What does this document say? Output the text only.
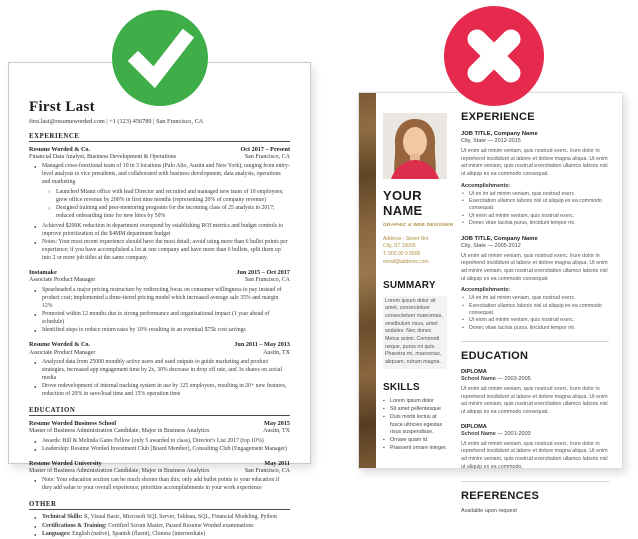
First Last
first.last@resumeworded.com | +1 (123) 456789 | San Francisco, CA
EXPERIENCE
Resume Worded & Co.	Oct 2017 – Present
Financial Data Analyst, Business Development & Operations	San Francisco, CA
● Managed cross-functional team of 10 in 3 locations (Palo Alto, Austin and New York), ranging from entry-level analysts to vice presidents, and collaborated with business development, data analysis, operations and marketing
○ Launched Miami office with lead Director and recruited and managed new team of 10 employees; grew office revenue by 200% in first nine months (representing 20% of company revenue)
○ Designed training and peer-mentoring programs for the incoming class of 25 analysts in 2017; reduced onboarding time for new hires by 50%
● Achieved $200K reduction in department overspend by establishing ROI metrics and budget controls to improve prioritization of the $4MM department budget
● Notes: Your most recent experience should have the most detail; avoid using more than 6 bullet points per experience; if you have accomplished a lot at one company and have more than 6 bullets, split them up into 2 or more job titles at the same company.
Instamake	Jun 2015 – Oct 2017
Associate Product Manager	San Francisco, CA
● Spearheaded a major pricing restructure by redirecting focus on consumer willingness to pay instead of product cost; implemented a three-tiered pricing model which increased average sale 35% and margin 12%
● Promoted within 12 months due to strong performance and organizational impact (1 year ahead of schedule)
● Identified steps to reduce return rates by 10% resulting in an eventual $75k cost savings
Resume Worded & Co.	Jun 2011 – May 2013
Associate Product Manager	Austin, TX
● Analyzed data from 25000 monthly active users and used outputs to guide marketing and product strategies, increased app engagement time by 2x, 30% decrease in drop off rate, and 3x shares on social media
● Drove redevelopment of internal tracking system in use by 125 employees, resulting in 20+ new features, reduction of 20% in save/load time and 15% operation time
EDUCATION
Resume Worded Business School	May 2015
Master of Business Administration Candidate; Major in Business Analytics	Austin, TX
● Awards: Bill & Melinda Gates Fellow (only 5 awarded to class), Director's List 2017 (top 10%)
● Leadership: Resume Worded Investment Club [Board Member], Consulting Club (Engagement Manager)
Resume Worded University	May 2011
Master of Business Administration Candidate; Major in Business Analytics	San Francisco, CA
● Note: Your education section can be much shorter than this; only add bullet points to your education if they add value to your overall experience; prioritize accomplishments in your work experience
OTHER
● Technical Skills: R, Visual Basic, Microsoft SQL Server, Tableau, SQL, Financial Modeling, Python
● Certifications & Training: Certified Scrum Master, Passed Resume Worded examinations
● Languages: English (native), Spanish (fluent), Chinese (intermediate)
YOUR NAME
GRAPHIC & WEB DESIGNER
Address - Street Nro
City, ST 10005
T. 000 00 0 0000
email@address.com
SUMMARY
Lorem ipsum dolor sit amet, consectetuer consectetuer maecenas, vestibulum risus, amet sodales. Nec donec Metus animi. Commodi neque, purus mi quis. Pharetra mi, maecenas, aliquam, rutrum magna.
SKILLS
▪ Lorem ipsum dolor
▪ Sit amet pellentesque
▪ Duis morbi lectus at fusce ultricies egestas risus suspendisse.
▪ Ornare quam id.
▪ Praesent ornare integer.
EXPERIENCE
JOB TITLE, Company Name
City, State — 2012-2015
Ut enim ad minim veniam, quis nostrud exerc. Irure dolor in reprehend incididunt ut labore et dolore magna aliqua. Ut enim ad minim veniam, quis nostrud exercitation ullamco laboris nisl ut aliquip ex ea commodo consequat.
Accomplishments:
• Ut en im ad minim veniam, quis nostrud exerc.
• Exercitation ullamco laboris nisl ut aliquip ex ea commodo consequat.
• Ut enim ad minim veniam, quis nostrud exerc.
• Donec vitae lacinia purus, tincidunt tempor mi.
JOB TITLE, Company Name
City, State — 2005-2012
Ut enim ad minim veniam, quis nostrud exerc. Irure dolor in reprehend incididunt ut labore et dolore magna aliqua. Ut enim ad minim veniam, quis nostrud exercitation ullamco laboris nisl ut aliquip ex ea commodo consequat.
Accomplishments:
• Ut en im ad minim veniam, quis nostrud exerc.
• Exercitation ullamco laboris nisl ut aliquip ex ea commodo consequat.
• Ut enim ad minim veniam, quis nostrud exerc.
• Donec vitae lacinia purus, tincidunt tempor mi.
EDUCATION
DIPLOMA
School Name — 2003-2005
Ut enim ad minim veniam, quis nostrud exerc. Irure dolor in reprehend incididunt ut labore et dolore magna aliqua. Ut enim ad minim veniam, quis nostrud exercitation ullamco laboris nisl ut aliquip ex ea commodo consequat.
DIPLOMA
School Name — 2001-2003
Ut enim ad minim veniam, quis nostrud exerc. Irure dolor in reprehend incididunt ut labore et dolore magna aliqua. Ut enim ad minim veniam, quis nostrud exercitation ullamco laboris nisl ut aliquip ex ea commodo.
REFERENCES
Available upon request
